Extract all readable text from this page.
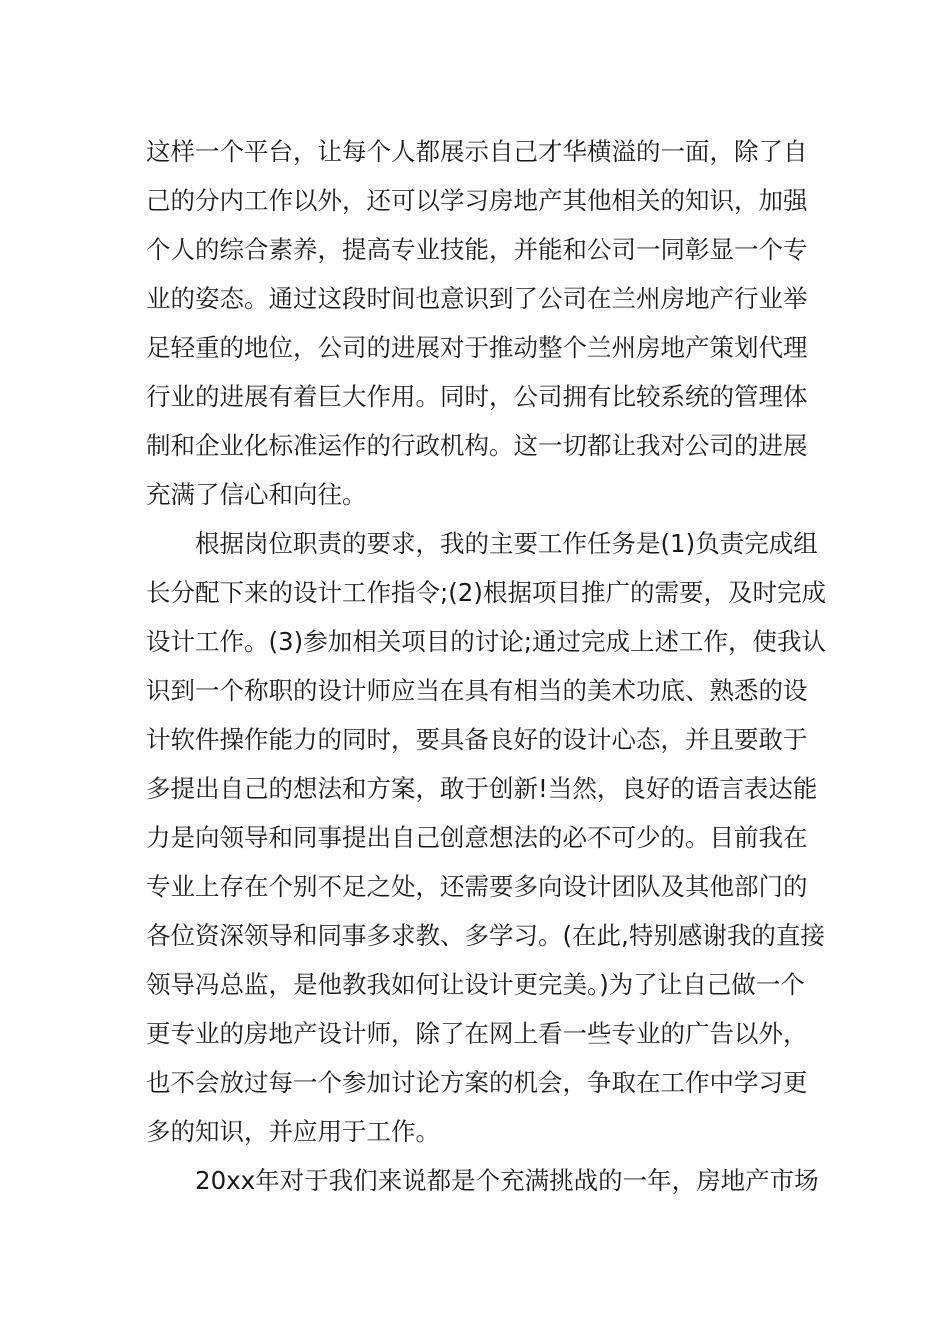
这样一个平台，让每个人都展示自己才华横溢的一面，除了自
己的分内工作以外，还可以学习房地产其他相关的知识，加强
个人的综合素养，提高专业技能，并能和公司一同彰显一个专
业的姿态。通过这段时间也意识到了公司在兰州房地产行业举
足轻重的地位，公司的进展对于推动整个兰州房地产策划代理
行业的进展有着巨大作用。同时，公司拥有比较系统的管理体
制和企业化标准运作的行政机构。这一切都让我对公司的进展
充满了信心和向往。
根据岗位职责的要求，我的主要工作任务是(1)负责完成组
长分配下来的设计工作指令;(2)根据项目推广的需要，及时完成
设计工作。(3)参加相关项目的讨论;通过完成上述工作，使我认
识到一个称职的设计师应当在具有相当的美术功底、熟悉的设
计软件操作能力的同时，要具备良好的设计心态，并且要敢于
多提出自己的想法和方案，敢于创新!当然，良好的语言表达能
力是向领导和同事提出自己创意想法的必不可少的。目前我在
专业上存在个别不足之处，还需要多向设计团队及其他部门的
各位资深领导和同事多求教、多学习。(在此,特别感谢我的直接
领导冯总监，是他教我如何让设计更完美。)为了让自己做一个
更专业的房地产设计师，除了在网上看一些专业的广告以外，
也不会放过每一个参加讨论方案的机会，争取在工作中学习更
多的知识，并应用于工作。
20xx年对于我们来说都是个充满挑战的一年，房地产市场
